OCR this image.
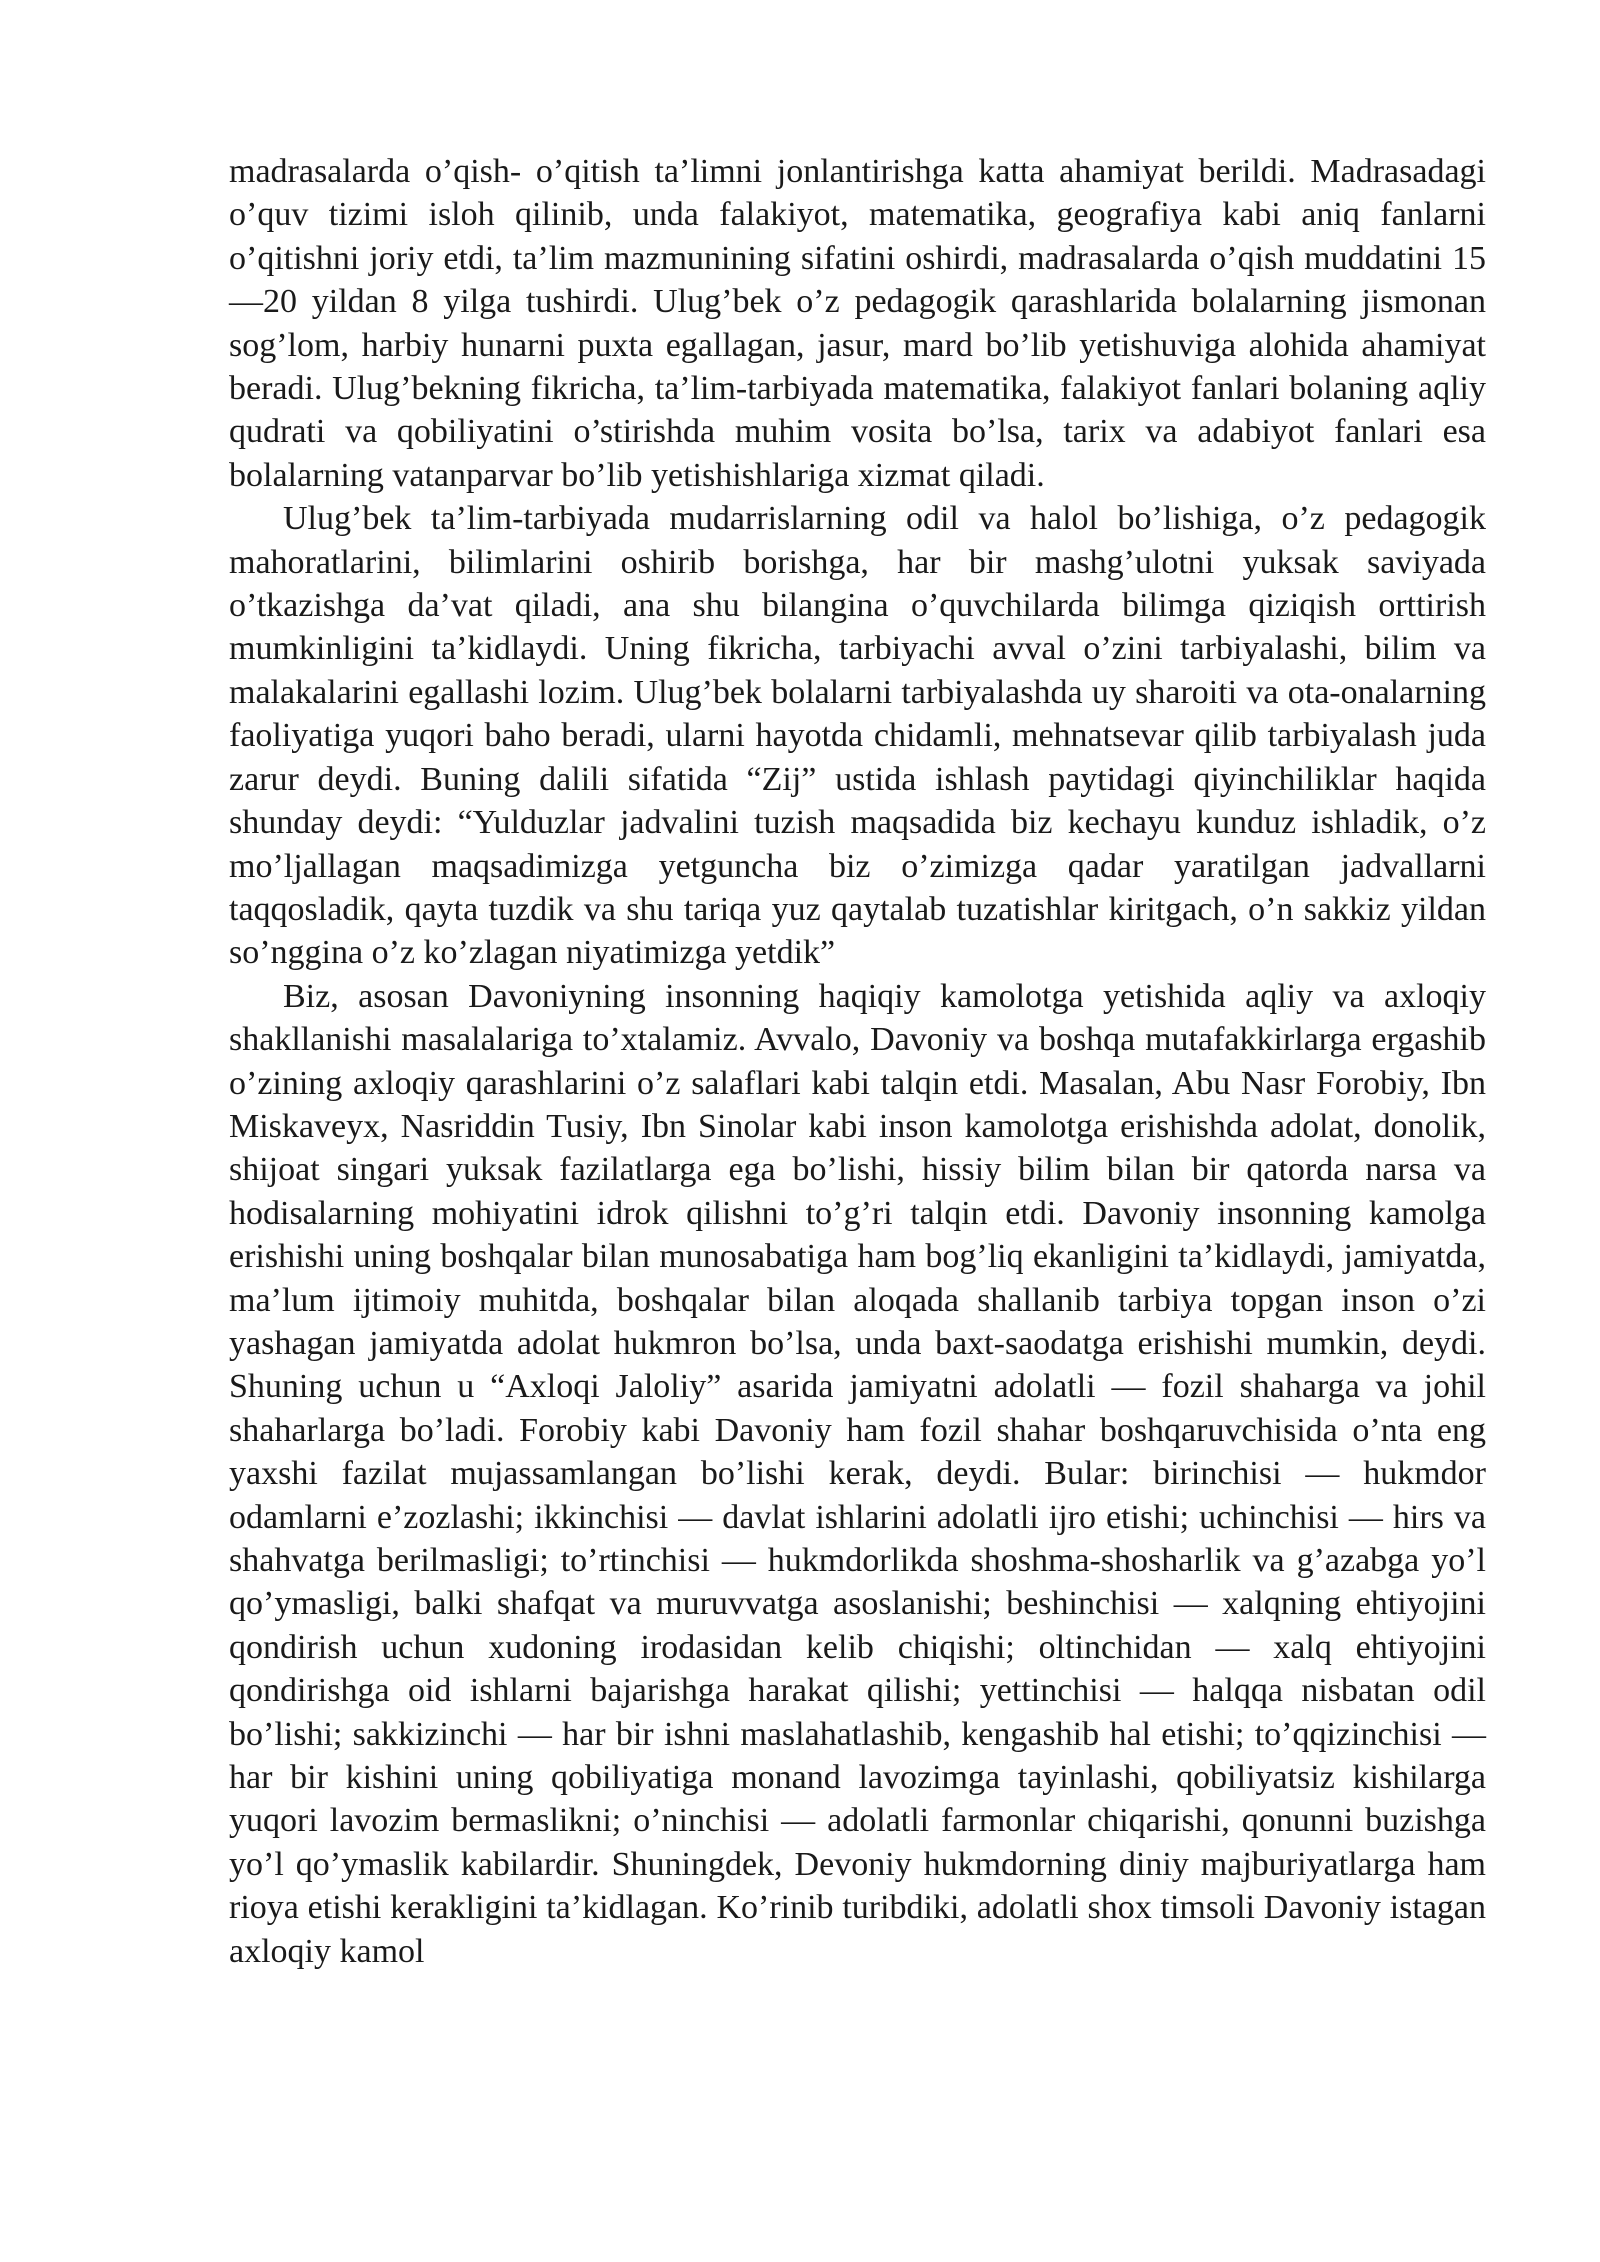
madrasalarda o’qish- o’qitish ta’limni jonlantirishga katta ahamiyat berildi. Madrasadagi o’quv tizimi isloh qilinib, unda falakiyot, matematika, geografiya kabi aniq fanlarni o’qitishni joriy etdi, ta’lim mazmunining sifatini oshirdi, madrasalarda o’qish muddatini 15—20 yildan 8 yilga tushirdi. Ulug’bek o’z pedagogik qarashlarida bolalarning jismonan sog’lom, harbiy hunarni puxta egallagan, jasur, mard bo’lib yetishuviga alohida ahamiyat beradi. Ulug’bekning fikricha, ta’lim-tarbiyada matematika, falakiyot fanlari bolaning aqliy qudrati va qobiliyatini o’stirishda muhim vosita bo’lsa, tarix va adabiyot fanlari esa bolalarning vatanparvar bo’lib yetishishlariga xizmat qiladi.

Ulug’bek ta’lim-tarbiyada mudarrislarning odil va halol bo’lishiga, o’z pedagogik mahoratlarini, bilimlarini oshirib borishga, har bir mashg’ulotni yuksak saviyada o’tkazishga da’vat qiladi, ana shu bilangina o’quvchilarda bilimga qiziqish orttirish mumkinligini ta’kidlaydi. Uning fikricha, tarbiyachi avval o’zini tarbiyalashi, bilim va malakalarini egallashi lozim. Ulug’bek bolalarni tarbiyalashda uy sharoiti va ota-onalarning faoliyatiga yuqori baho beradi, ularni hayotda chidamli, mehnatsevar qilib tarbiyalash juda zarur deydi. Buning dalili sifatida “Zij” ustida ishlash paytidagi qiyinchiliklar haqida shunday deydi: “Yulduzlar jadvalini tuzish maqsadida biz kechayu kunduz ishladik, o’z mo’ljallagan maqsadimizga yetguncha biz o’zimizga qadar yaratilgan jadvallarni taqqosladik, qayta tuzdik va shu tariqa yuz qaytalab tuzatishlar kiritgach, o’n sakkiz yildan so’nggina o’z ko’zlagan niyatimizga yetdik”

Biz, asosan Davoniyning insonning haqiqiy kamolotga yetishida aqliy va axloqiy shakllanishi masalalariga to’xtalamiz. Avvalo, Davoniy va boshqa mutafakkirlarga ergashib o’zining axloqiy qarashlarini o’z salaflari kabi talqin etdi. Masalan, Abu Nasr Forobiy, Ibn Miskaveyx, Nasriddin Tusiy, Ibn Sinolar kabi inson kamolotga erishishda adolat, donolik, shijoat singari yuksak fazilatlarga ega bo’lishi, hissiy bilim bilan bir qatorda narsa va hodisalarning mohiyatini idrok qilishni to’g’ri talqin etdi. Davoniy insonning kamolga erishishi uning boshqalar bilan munosabatiga ham bog’liq ekanligini ta’kidlaydi, jamiyatda, ma’lum ijtimoiy muhitda, boshqalar bilan aloqada shallanib tarbiya topgan inson o’zi yashagan jamiyatda adolat hukmron bo’lsa, unda baxt-saodatga erishishi mumkin, deydi. Shuning uchun u “Axloqi Jaloliy” asarida jamiyatni adolatli — fozil shaharga va johil shaharlarga bo’ladi. Forobiy kabi Davoniy ham fozil shahar boshqaruvchisida o’nta eng yaxshi fazilat mujassamlangan bo’lishi kerak, deydi. Bular: birinchisi — hukmdor odamlarni e’zozlashi; ikkinchisi — davlat ishlarini adolatli ijro etishi; uchinchisi — hirs va shahvatga berilmasligi; to’rtinchisi — hukmdorlikda shoshma-shosharlik va g’azabga yo’l qo’ymasligi, balki shafqat va muruvvatga asoslanishi; beshinchisi — xalqning ehtiyojini qondirish uchun xudoning irodasidan kelib chiqishi; oltinchidan — xalq ehtiyojini qondirishga oid ishlarni bajarishga harakat qilishi; yettinchisi — halqqa nisbatan odil bo’lishi; sakkizinchi — har bir ishni maslahatlashib, kengashib hal etishi; to’qqizinchisi — har bir kishini uning qobiliyatiga monand lavozimga tayinlashi, qobiliyatsiz kishilarga yuqori lavozim bermaslikni; o’ninchisi — adolatli farmonlar chiqarishi, qonunni buzishga yo’l qo’ymaslik kabilardir. Shuningdek, Devoniy hukmdorning diniy majburiyatlarga ham rioya etishi kerakligini ta’kidlagan. Ko’rinib turibdiki, adolatli shox timsoli Davoniy istagan axloqiy kamol
